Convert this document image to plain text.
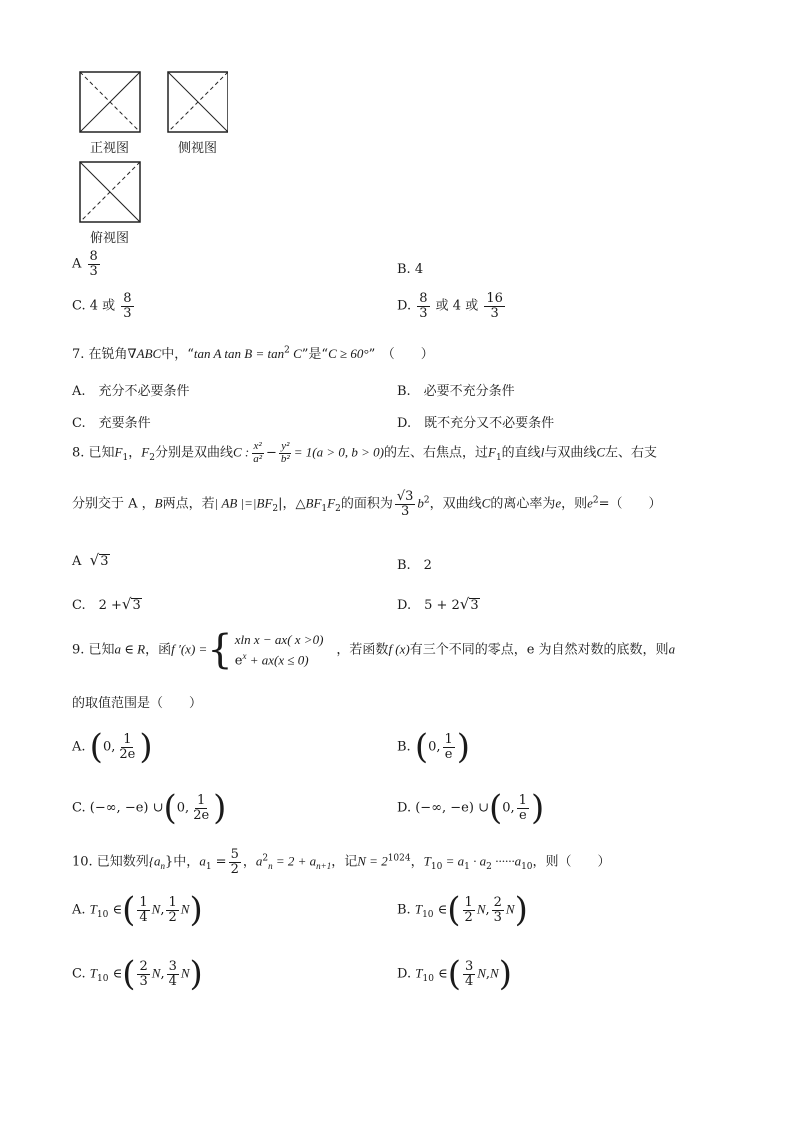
正视图	侧视图
俯视图
A $\frac{8}{3}$	B. 4
C. 4 或 $\frac{8}{3}$	D. $\frac{8}{3}$ 或 4 或 $\frac{16}{3}$
7. 在锐角∇ABC中，“tan A $\tan B = \tan^2 C$”是“C ≥ 60°”　（　　）
A.　充分不必要条件	B.　必要不充分条件
C.　充要条件	D.　既不充分又不必要条件
8. 已知$F_1$，$F_2$分别是双曲线C : $\frac{\text{x²}}{\text{a²}} - \frac{\text{y²}}{\text{b²}} = 1(a > 0$, b > 0)的左、右焦点，过$F_1$的直线l与双曲线C左、右支
分别交于 A ，B两点，若| AB $|=|BF_2|$，$\triangle BF_1F_2$的面积为 $\frac{√3}{3} b^2$，双曲线C的离心率为e，则$e^2=$（　　）
A √ 3	B.　2
C.　2 + √ 3	D.　5 + 2 √ 3
9. 已知a ∈ R，函f ′(x) = { xln x − ax( x >0)
$e^x + ax(x \le 0)$
　，若函数f (x)有三个不同的零点，e 为自然对数的底数，则a
的取值范围是（　　）
A. (0, $\frac{1}{2e}$ )	B. (0, $\frac{1}{e}$ )
C. (−∞, −e) ∪(0, $\frac{1}{2e}$ )	D. (−∞, −e) ∪(0, $\frac{1}{e}$ )
10. 已知数列$\{a_n\}$中，$a_1 = \frac{5}{2}$ ，$a^2_n = 2 + a_{n+1}$，记$N = 2^{1024}$，$T_{10} = a_1 \cdot a_2 \cdot\cdot\cdot\cdot\cdot\cdot a_{10}$，则（　　）
A. $T_{10}$ ∈( $\frac{1}{4} N$, $\frac{1}{2} N$)	B. $T_{10}$ ∈( $\frac{1}{2} N$, $\frac{2}{3} N$)
C. $T_{10}$ ∈( $\frac{2}{3} N$, $\frac{3}{4} N$)	D. $T_{10}$ ∈( $\frac{3}{4} N,N$)
